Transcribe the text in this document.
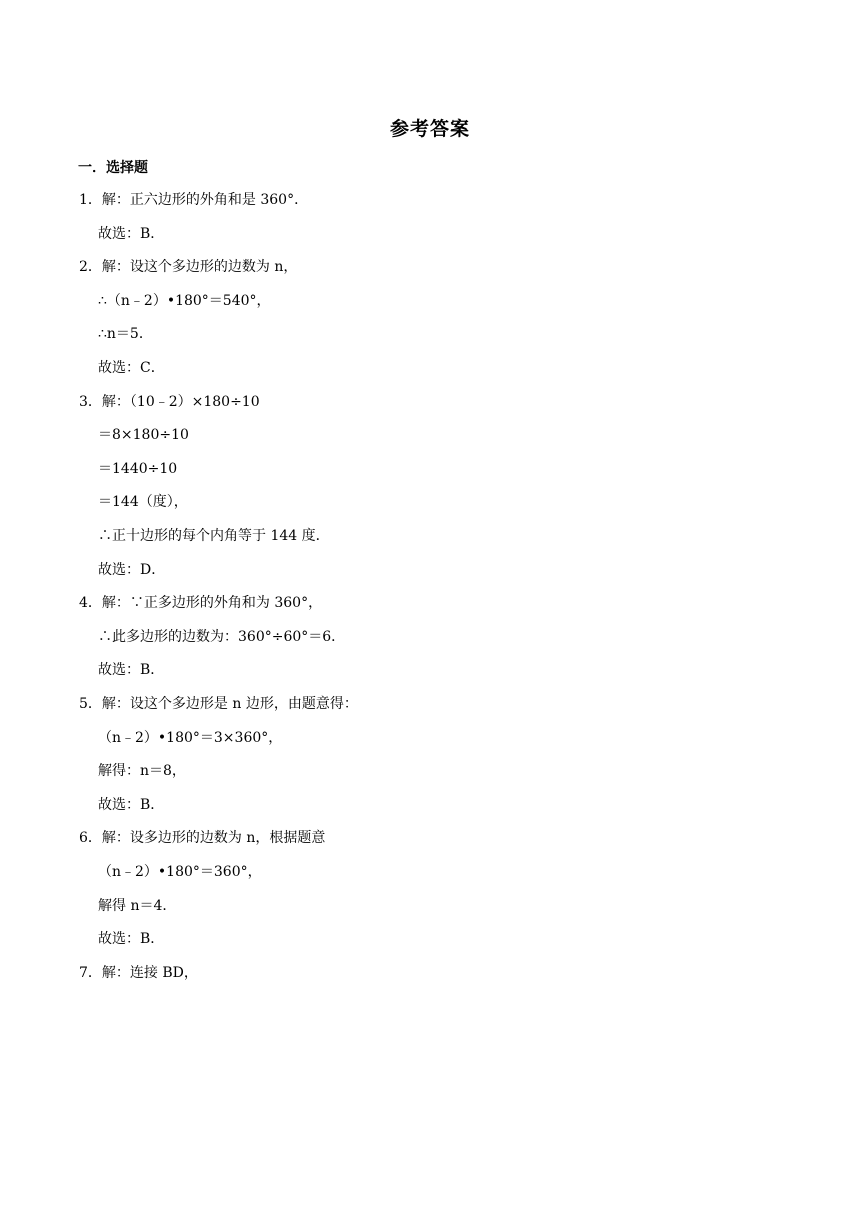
参考答案
一．选择题
1．解：正六边形的外角和是 360°．
故选：B．
2．解：设这个多边形的边数为 n，
∴（n﹣2）•180°＝540°，
∴n＝5．
故选：C．
3．解：（10﹣2）×180÷10
＝8×180÷10
＝1440÷10
＝144（度），
∴正十边形的每个内角等于 144 度．
故选：D．
4．解：∵正多边形的外角和为 360°，
∴此多边形的边数为：360°÷60°＝6．
故选：B．
5．解：设这个多边形是 n 边形，由题意得：
（n﹣2）•180°＝3×360°，
解得：n＝8，
故选：B．
6．解：设多边形的边数为 n，根据题意
（n﹣2）•180°＝360°，
解得 n＝4．
故选：B．
7．解：连接 BD，
